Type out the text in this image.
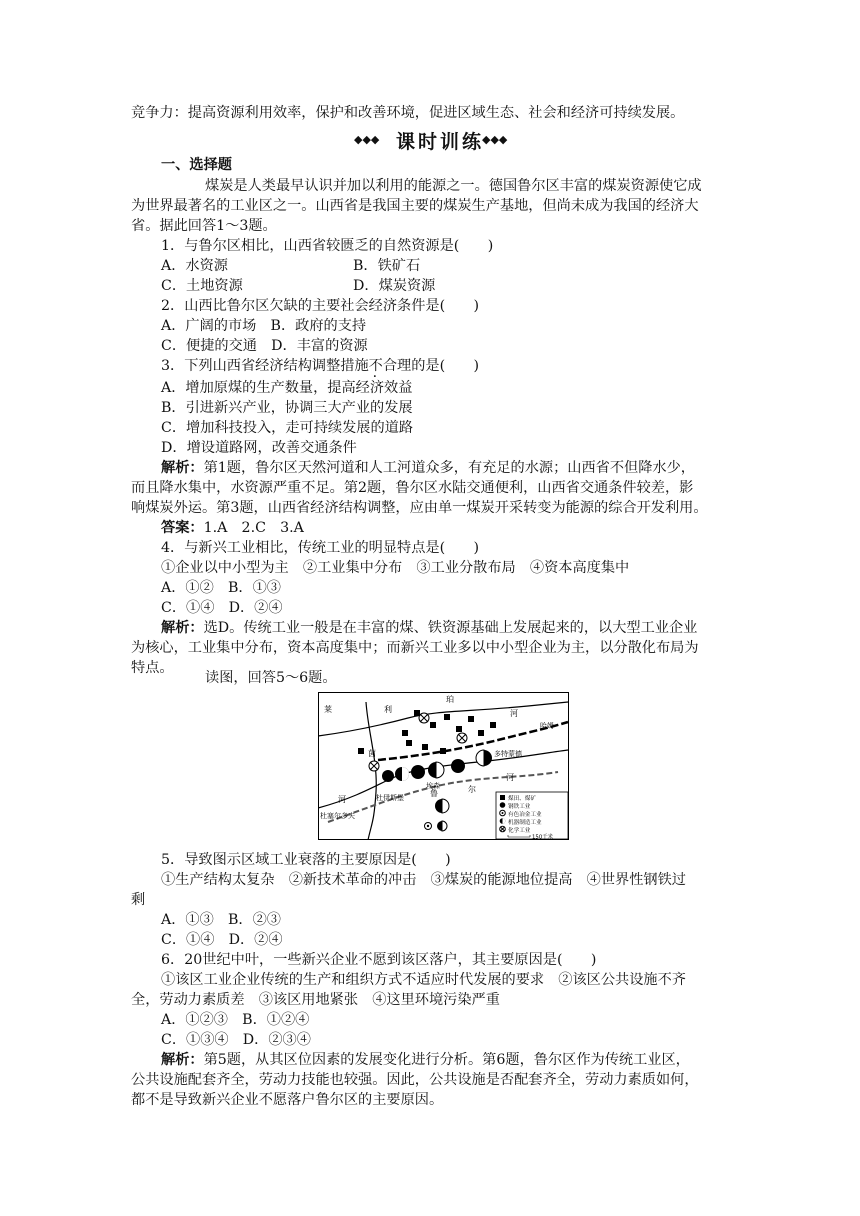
竞争力：提高资源利用效率，保护和改善环境，促进区域生态、社会和经济可持续发展。
◆◆◆ 课时训练
◆◆◆
一、选择题
煤炭是人类最早认识并加以利用的能源之一。德国鲁尔区丰富的煤炭资源使它成
为世界最著名的工业区之一。山西省是我国主要的煤炭生产基地，但尚未成为我国的经济大
省。据此回答1～3题。
1．与鲁尔区相比，山西省较匮乏的自然资源是(　　)
A．水资源	B．铁矿石
C．土地资源	D．煤炭资源
2．山西比鲁尔区欠缺的主要社会经济条件是(　　)
A．广阔的市场　B．政府的支持
C．便捷的交通　D．丰富的资源
3．下列山西省经济结构调整措施不合理的是(　　)
A．增加原煤的生产数量，提高经济效益
B．引进新兴产业，协调三大产业的发展
C．增加科技投入，走可持续发展的道路
D．增设道路网，改善交通条件
解析：第1题，鲁尔区天然河道和人工河道众多，有充足的水源；山西省不但降水少，
而且降水集中，水资源严重不足。第2题，鲁尔区水陆交通便利，山西省交通条件较差，影
响煤炭外运。第3题，山西省经济结构调整，应由单一煤炭开采转变为能源的综合开发利用。
答案：1.A　2.C　3.A
4．与新兴工业相比，传统工业的明显特点是(　　)
①企业以中小型为主　②工业集中分布　③工业分散布局　④资本高度集中
A．①②　B．①③
C．①④　D．②④
解析：选D。传统工业一般是在丰富的煤、铁资源基础上发展起来的，以大型工业企业
为核心，工业集中分布，资本高度集中；而新兴工业多以中小型企业为主，以分散化布局为
特点。
读图，回答5～6题。
莱	利
珀
河
哈姆
茵	多特蒙德
埃森
河
鲁	尔
杜伊斯堡
河
杜塞尔多夫
煤田、煤矿
钢铁工业
有色冶金工业
机器制造工业
化学工业
150千米
5．导致图示区域工业衰落的主要原因是(　　)
①生产结构太复杂　②新技术革命的冲击　③煤炭的能源地位提高　④世界性钢铁过
剩
A．①③　B．②③
C．①④　D．②④
6．20世纪中叶，一些新兴企业不愿到该区落户，其主要原因是(　　)
①该区工业企业传统的生产和组织方式不适应时代发展的要求　②该区公共设施不齐
全，劳动力素质差　③该区用地紧张　④这里环境污染严重
A．①②③　B．①②④
C．①③④　D．②③④
解析：第5题，从其区位因素的发展变化进行分析。第6题，鲁尔区作为传统工业区，
公共设施配套齐全，劳动力技能也较强。因此，公共设施是否配套齐全，劳动力素质如何，
都不是导致新兴企业不愿落户鲁尔区的主要原因。
